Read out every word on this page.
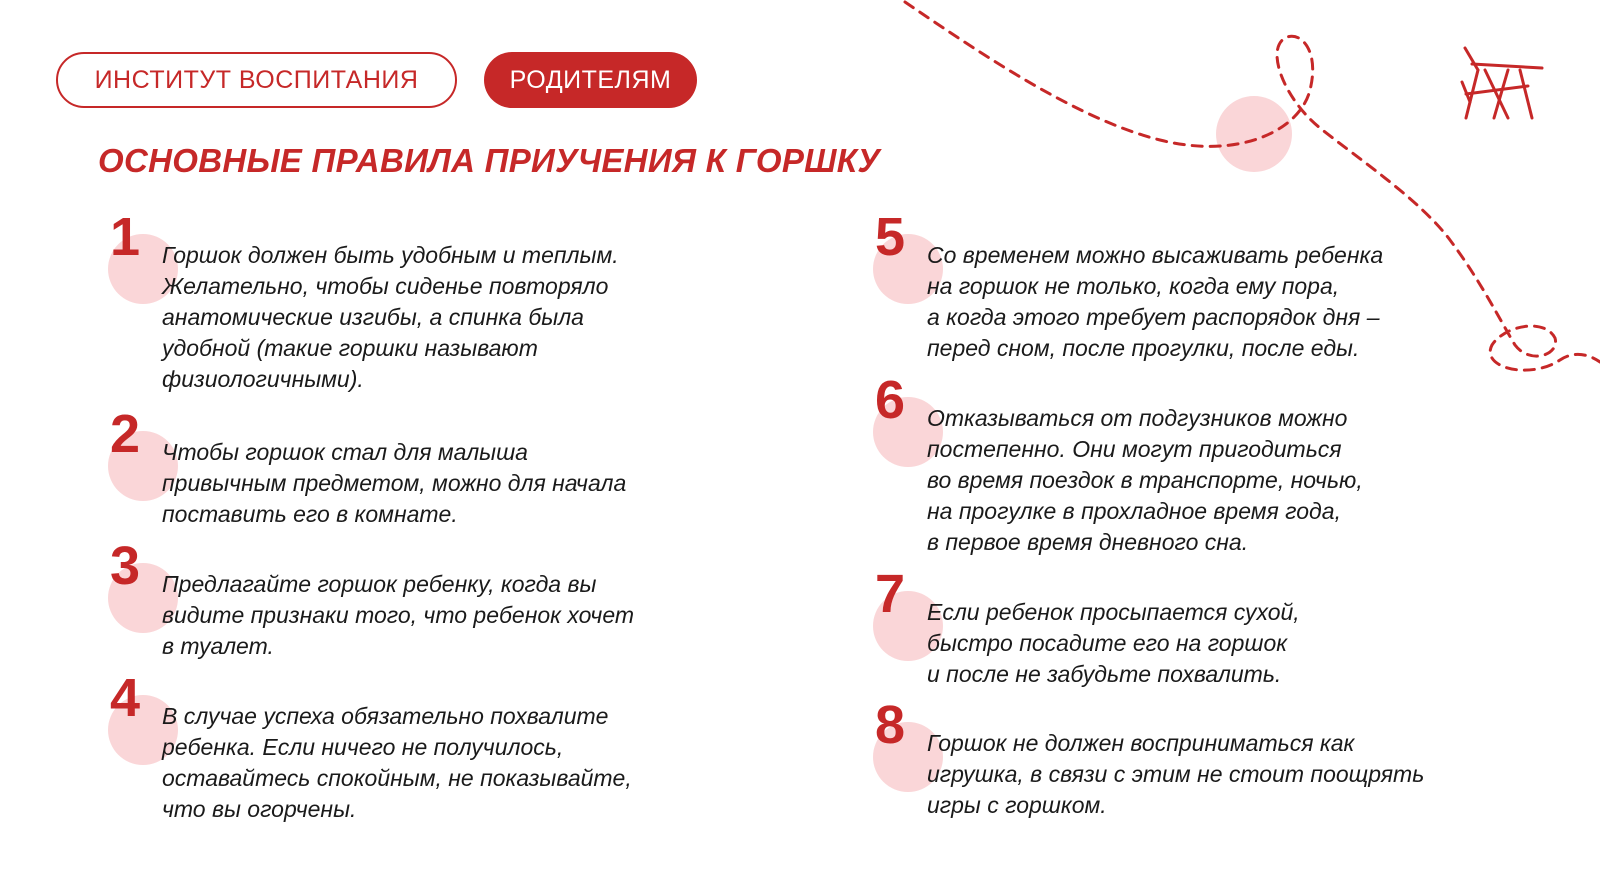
ИНСТИТУТ ВОСПИТАНИЯ	РОДИТЕЛЯМ
ОСНОВНЫЕ ПРАВИЛА ПРИУЧЕНИЯ К ГОРШКУ
1 Горшок должен быть удобным и теплым.
Желательно, чтобы сиденье повторяло
анатомические изгибы, а спинка была
удобной (такие горшки называют
физиологичными).

2 Чтобы горшок стал для малыша
привычным предметом, можно для начала
поставить его в комнате.

3 Предлагайте горшок ребенку, когда вы
видите признаки того, что ребенок хочет
в туалет.

4 В случае успеха обязательно похвалите
ребенка. Если ничего не получилось,
оставайтесь спокойным, не показывайте,
что вы огорчены.

5 Со временем можно высаживать ребенка
на горшок не только, когда ему пора,
а когда этого требует распорядок дня –
перед сном, после прогулки, после еды.

6 Отказываться от подгузников можно
постепенно. Они могут пригодиться
во время поездок в транспорте, ночью,
на прогулке в прохладное время года,
в первое время дневного сна.

7 Если ребенок просыпается сухой,
быстро посадите его на горшок
и после не забудьте похвалить.

8 Горшок не должен восприниматься как
игрушка, в связи с этим не стоит поощрять
игры с горшком.
